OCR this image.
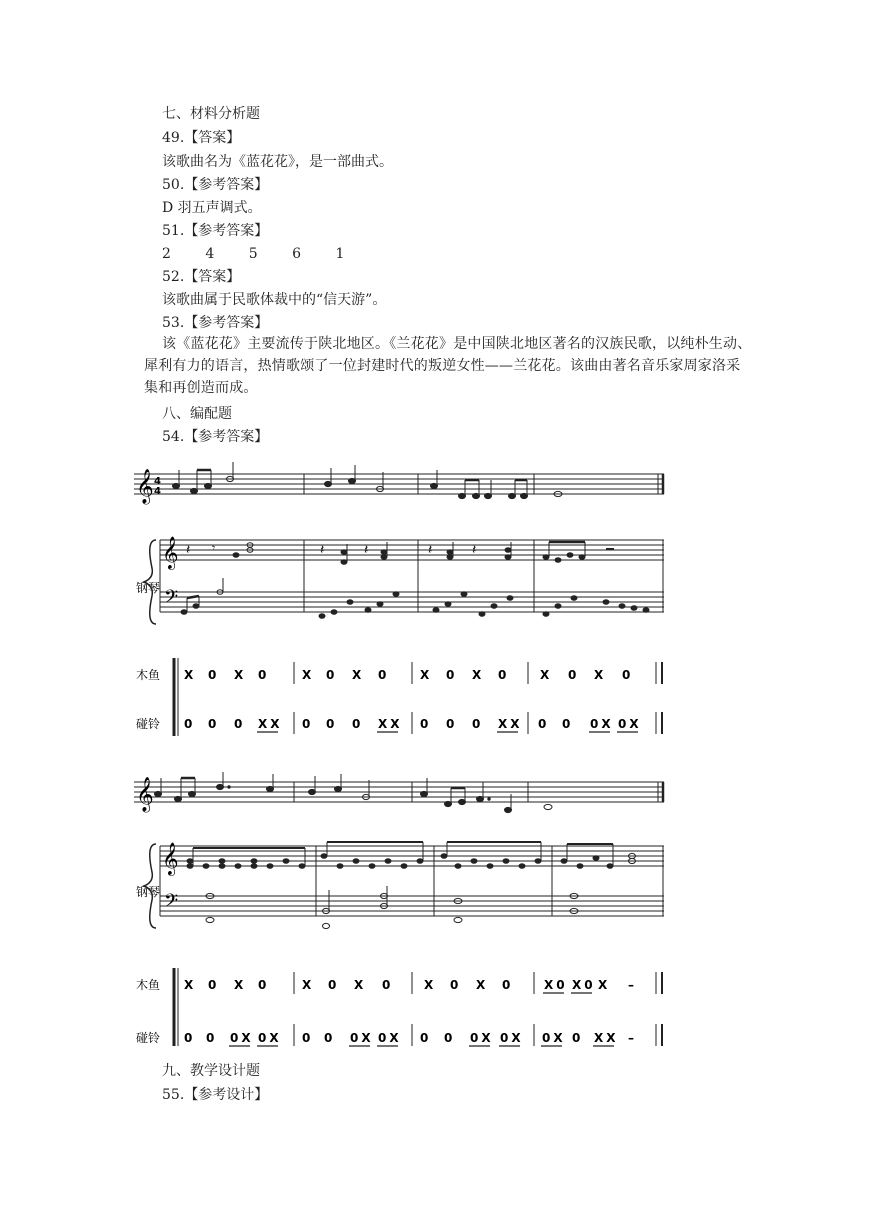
七、材料分析题
49.【答案】
该歌曲名为《蓝花花》，是一部曲式。
50.【参考答案】
D 羽五声调式。
51.【参考答案】
2 4 5 6 1
52.【答案】
该歌曲属于民歌体裁中的“信天游”。
53.【参考答案】
该《蓝花花》主要流传于陕北地区。《兰花花》是中国陕北地区著名的汉族民歌，以纯朴生动、犀利有力的语言，热情歌颂了一位封建时代的叛逆女性——兰花花。该曲由著名音乐家周家洛采集和再创造而成。
八、编配题
54.【参考答案】
𝄞 4
4
钢琴
𝄞
𝄢
𝄽 𝄾	𝄽	𝄽	𝄽	𝄽
木鱼
碰铃
X 0 X 0	X 0 X 0	X 0 X 0	X 0 X 0
0 0 0 XX 0 0 0 XX 0 0 0 XX 0 0 0X 0X
𝄞
钢琴
𝄞
𝄢
木鱼
碰铃
X 0 X 0	X 0 X 0	X 0 X 0	X0 X0 X –
0 0 0X 0X 0 0 0X 0X 0 0 0X 0X 0X 0 XX –
九、教学设计题
55.【参考设计】
